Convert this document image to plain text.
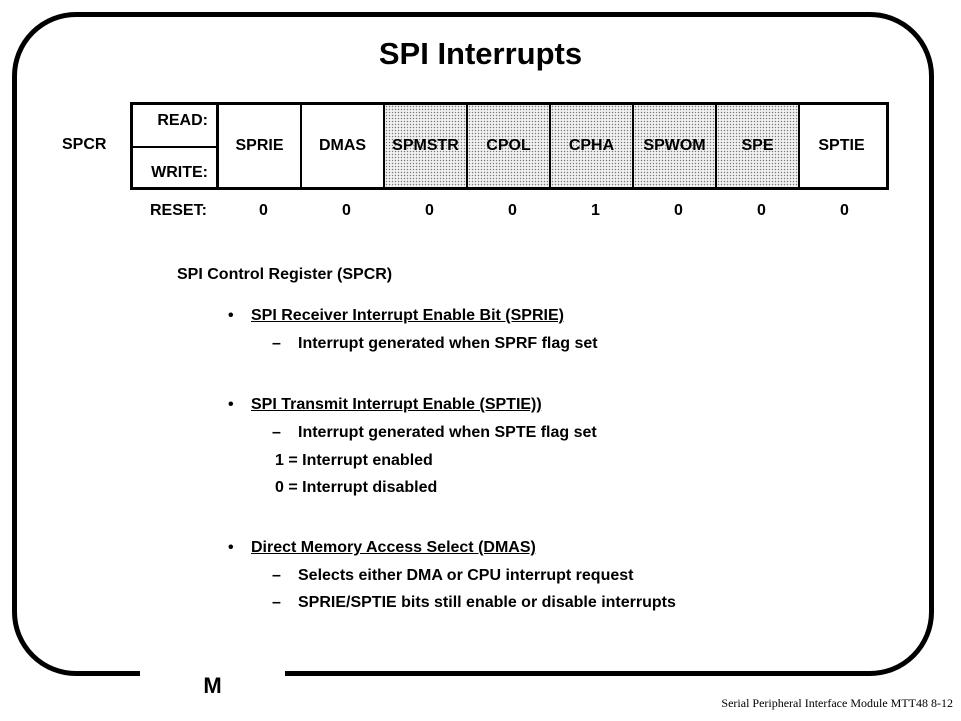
M
SPI Interrupts
SPCR
READ:
WRITE:
SPRIE	DMAS	SPMSTR	CPOL	CPHA	SPWOM	SPE	SPTIE
RESET:	0	0	0	0	1	0	0	0
SPI Control Register (SPCR)
• SPI Receiver Interrupt Enable Bit (SPRIE)
– Interrupt generated when SPRF flag set
• SPI Transmit Interrupt Enable (SPTIE))
– Interrupt generated when SPTE flag set
1 = Interrupt enabled
0 = Interrupt disabled
• Direct Memory Access Select (DMAS)
– Selects either DMA or CPU interrupt request
– SPRIE/SPTIE bits still enable or disable interrupts
Serial Peripheral Interface Module MTT48 8-12
